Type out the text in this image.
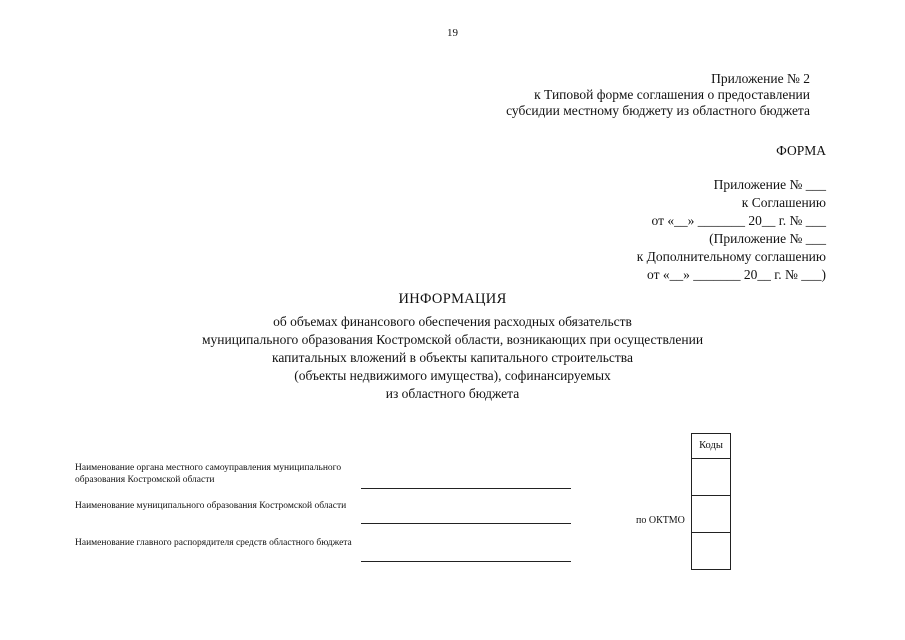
19
Приложение № 2
к Типовой форме соглашения о предоставлении
субсидии местному бюджету из областного бюджета
ФОРМА
Приложение № ___
к Соглашению
от «__» _______ 20__ г. № ___
(Приложение № ___
к Дополнительному соглашению
от «__» _______ 20__ г. № ___)
ИНФОРМАЦИЯ
об объемах финансового обеспечения расходных обязательств
муниципального образования Костромской области, возникающих при осуществлении
капитальных вложений в объекты капитального строительства
(объекты недвижимого имущества), софинансируемых
из областного бюджета
Наименование органа местного самоуправления муниципального образования Костромской области
Наименование муниципального образования Костромской области
Наименование главного распорядителя средств областного бюджета
по ОКТМО
Коды
